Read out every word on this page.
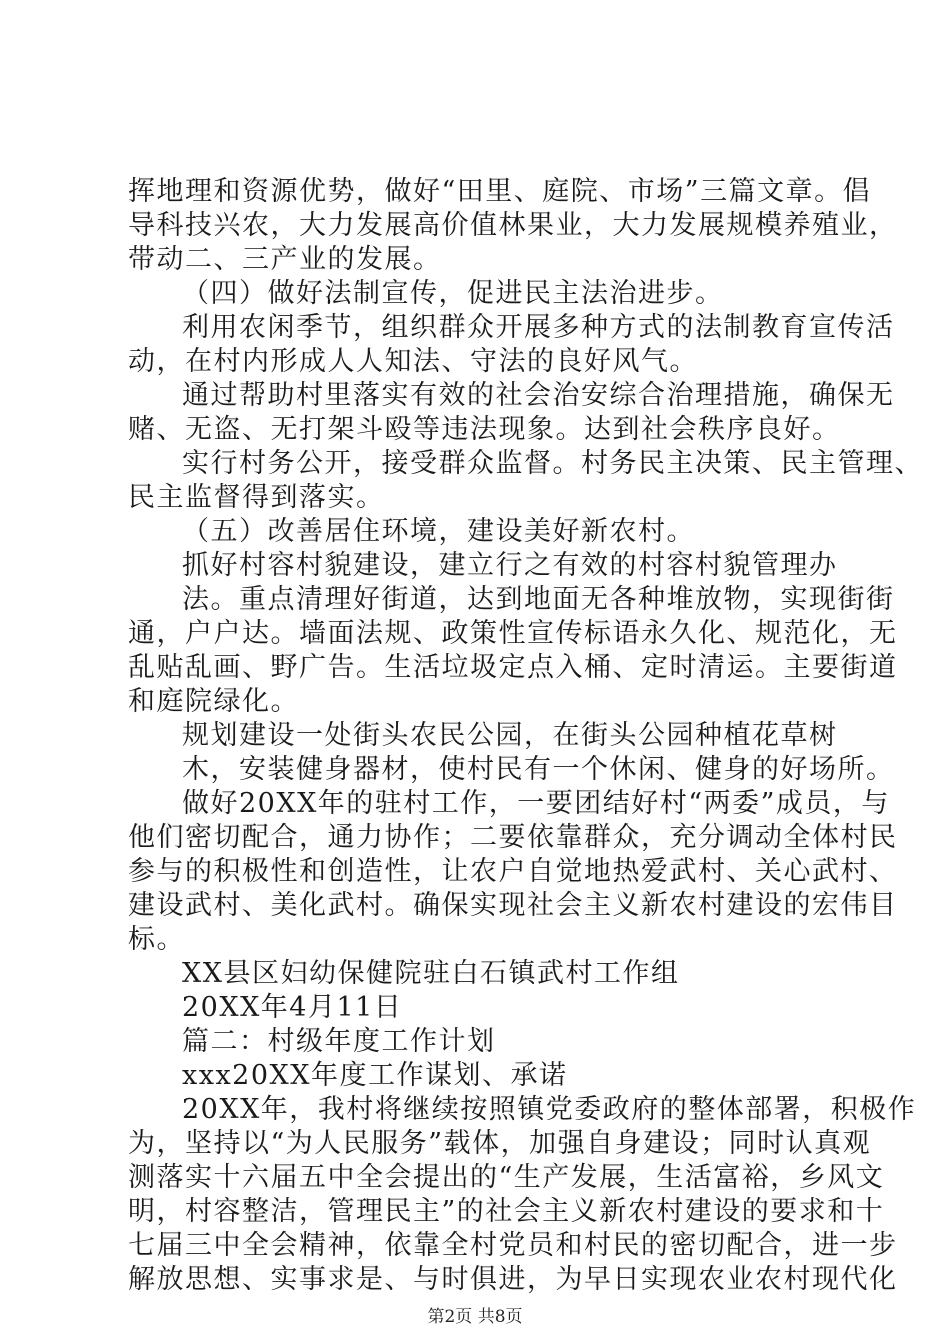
挥地理和资源优势，做好“田里、庭院、市场”三篇文章。倡
导科技兴农，大力发展高价值林果业，大力发展规模养殖业，
带动二、三产业的发展。
（四）做好法制宣传，促进民主法治进步。
利用农闲季节，组织群众开展多种方式的法制教育宣传活
动，在村内形成人人知法、守法的良好风气。
通过帮助村里落实有效的社会治安综合治理措施，确保无
赌、无盗、无打架斗殴等违法现象。达到社会秩序良好。
实行村务公开，接受群众监督。村务民主决策、民主管理、
民主监督得到落实。
（五）改善居住环境，建设美好新农村。
抓好村容村貌建设，建立行之有效的村容村貌管理办
法。重点清理好街道，达到地面无各种堆放物，实现街街
通，户户达。墙面法规、政策性宣传标语永久化、规范化，无
乱贴乱画、野广告。生活垃圾定点入桶、定时清运。主要街道
和庭院绿化。
规划建设一处街头农民公园，在街头公园种植花草树
木，安装健身器材，使村民有一个休闲、健身的好场所。
做好20XX年的驻村工作，一要团结好村“两委”成员，与
他们密切配合，通力协作；二要依靠群众，充分调动全体村民
参与的积极性和创造性，让农户自觉地热爱武村、关心武村、
建设武村、美化武村。确保实现社会主义新农村建设的宏伟目
标。
XX县区妇幼保健院驻白石镇武村工作组
20XX年4月11日
篇二：村级年度工作计划
xxx20XX年度工作谋划、承诺
20XX年，我村将继续按照镇党委政府的整体部署，积极作
为，坚持以“为人民服务”载体，加强自身建设；同时认真观
测落实十六届五中全会提出的“生产发展，生活富裕，乡风文
明，村容整洁，管理民主”的社会主义新农村建设的要求和十
七届三中全会精神，依靠全村党员和村民的密切配合，进一步
解放思想、实事求是、与时俱进，为早日实现农业农村现代化
第2页 共8页
